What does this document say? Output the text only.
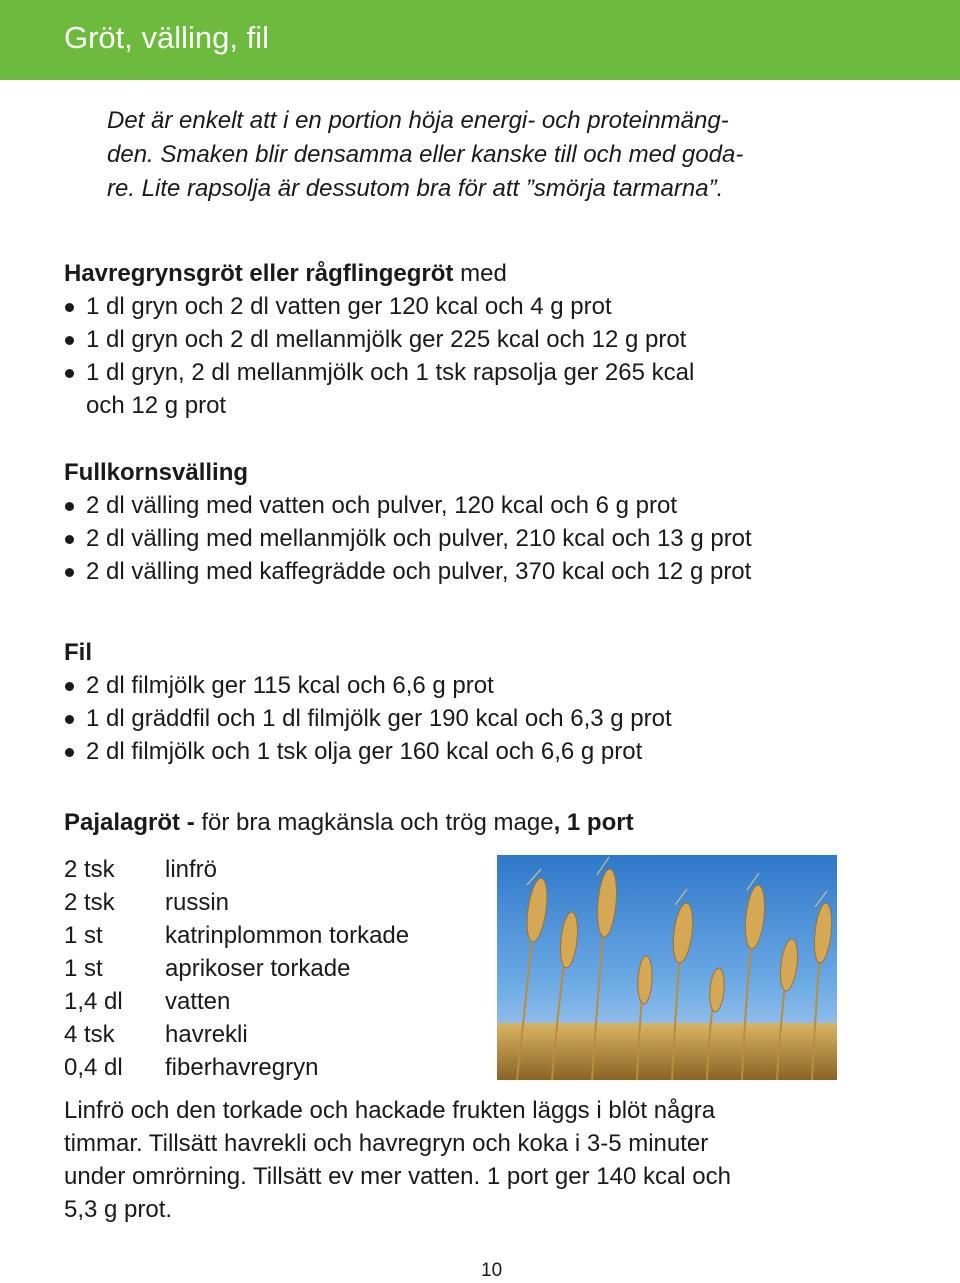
Gröt, välling, fil
Det är enkelt att i en portion höja energi- och proteinmäng-
den. Smaken blir densamma eller kanske till och med goda-
re. Lite rapsolja är dessutom bra för att ”smörja tarmarna”.
Havregrynsgröt eller rågflingegröt med
1 dl gryn och 2 dl vatten ger 120 kcal och 4 g prot
1 dl gryn och 2 dl mellanmjölk ger 225 kcal och 12 g prot
1 dl gryn, 2 dl mellanmjölk och 1 tsk rapsolja ger 265 kcal
och 12 g prot
Fullkornsvälling
2 dl välling med vatten och pulver, 120 kcal och 6 g prot
2 dl välling med mellanmjölk och pulver, 210 kcal och 13 g prot
2 dl välling med kaffegrädde och pulver, 370 kcal och 12 g prot
Fil
2 dl filmjölk ger 115 kcal och 6,6 g prot
1 dl gräddfil och 1 dl filmjölk ger 190 kcal och 6,3 g prot
2 dl filmjölk och 1 tsk olja ger 160 kcal och 6,6 g prot
Pajalagröt - för bra magkänsla och trög mage, 1 port
2 tsk	linfrö
2 tsk	russin
1 st	katrinplommon torkade
1 st	aprikoser torkade
1,4 dl	vatten
4 tsk	havrekli
0,4 dl	fiberhavregryn
Linfrö och den torkade och hackade frukten läggs i blöt några
timmar. Tillsätt havrekli och havregryn och koka i 3-5 minuter
under omrörning. Tillsätt ev mer vatten. 1 port ger 140 kcal och
5,3 g prot.
10
